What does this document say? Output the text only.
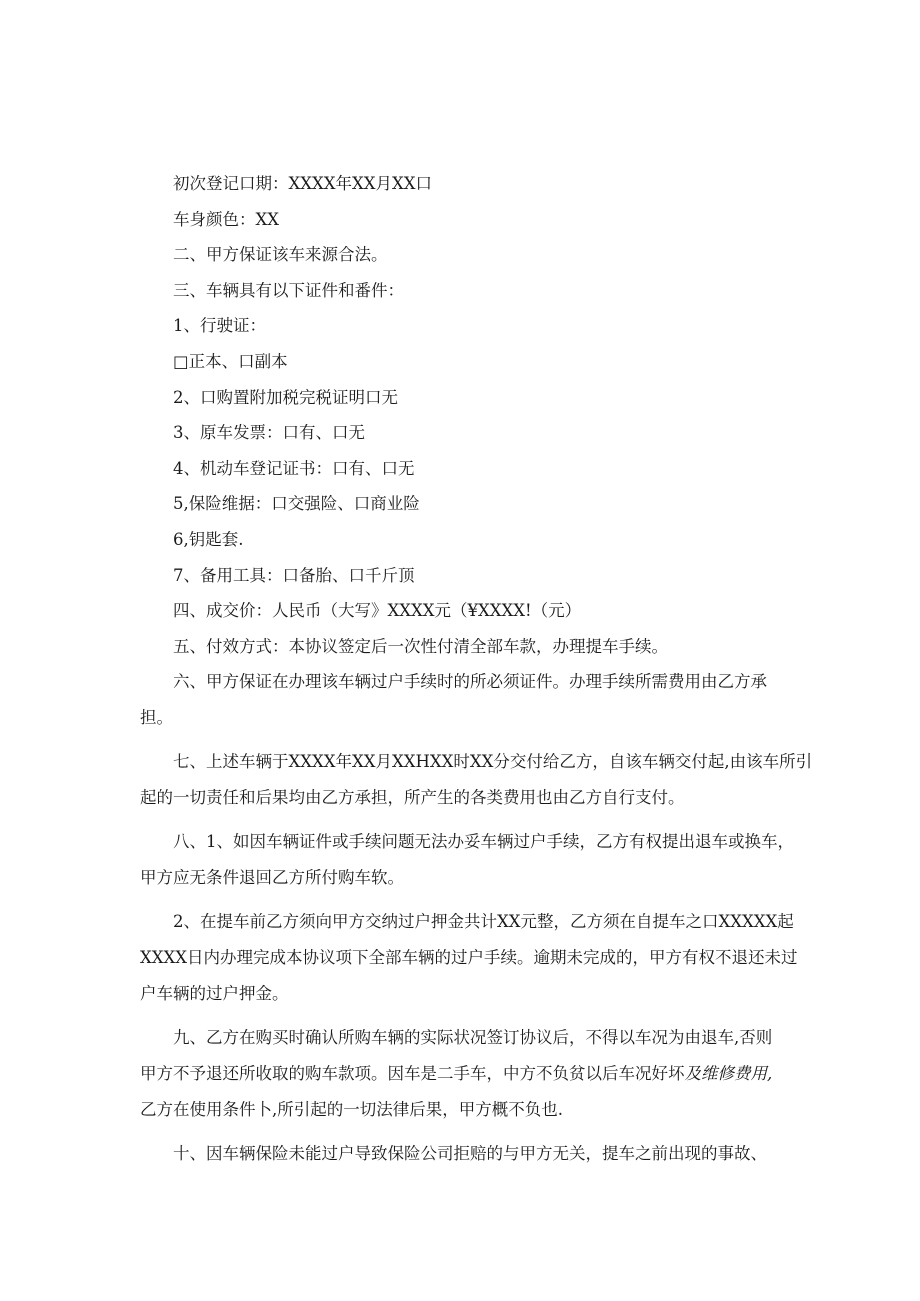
初次登记口期：XXXX年XX月XX口
车身颜色：XX
二、甲方保证该车来源合法。
三、车辆具有以下证件和番件：
1、行驶证：
□正本、口副本
2、口购置附加税完税证明口无
3、原车发票：口有、口无
4、机动车登记证书：口有、口无
5,保险维据：口交强险、口商业险
6,钥匙套.
7、备用工具：口备胎、口千斤顶
四、成交价：人民币（大写》XXXX元（¥XXXX!（元）
五、付效方式：本协议签定后一次性付清全部车款，办理提车手续。
六、甲方保证在办理该车辆过户手续时的所必须证件。办理手续所需费用由乙方承
担。
七、上述车辆于XXXX年XX月XXHXX时XX分交付给乙方，自该车辆交付起,由该车所引
起的一切责任和后果均由乙方承担，所产生的各类费用也由乙方自行支付。
八、1、如因车辆证件或手续问题无法办妥车辆过户手续，乙方有权提出退车或换车，
甲方应无条件退回乙方所付购车软。
2、在提车前乙方须向甲方交纳过户押金共计XX元整，乙方须在自提车之口XXXXX起
XXXX日内办理完成本协议项下全部车辆的过户手续。逾期未完成的，甲方有权不退还未过
户车辆的过户押金。
九、乙方在购买时确认所购车辆的实际状况签订协议后，不得以车况为由退车,否则
甲方不予退还所收取的购车款项。因车是二手车，中方不负贫以后车况好坏及维修费用,
乙方在使用条件卜,所引起的一切法律后果，甲方概不负也.
十、因车辆保险未能过户导致保险公司拒赔的与甲方无关，提车之前出现的事故、
